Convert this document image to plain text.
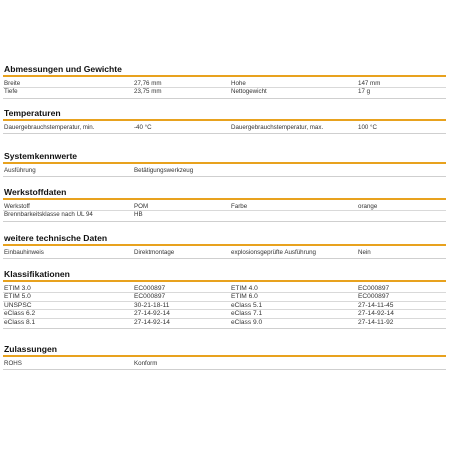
Abmessungen und Gewichte
Breite	27,76 mm	Hohe	147 mm
Tiefe	23,75 mm	Nettogewicht	17 g
Temperaturen
Dauergebrauchstemperatur, min.	-40 °C	Dauergebrauchstemperatur, max.	100 °C
Systemkennwerte
Ausführung	Betätigungswerkzeug
Werkstoffdaten
Werkstoff	POM	Farbe	orange
Brennbarkeitsklasse nach UL 94	HB
weitere technische Daten
Einbauhinweis	Direktmontage	explosionsgeprüfte Ausführung	Nein
Klassifikationen
ETIM 3.0	EC000897	ETIM 4.0	EC000897
ETIM 5.0	EC000897	ETIM 6.0	EC000897
UNSPSC	30-21-18-11	eClass 5.1	27-14-11-45
eClass 6.2	27-14-92-14	eClass 7.1	27-14-92-14
eClass 8.1	27-14-92-14	eClass 9.0	27-14-11-92
Zulassungen
ROHS	Konform
